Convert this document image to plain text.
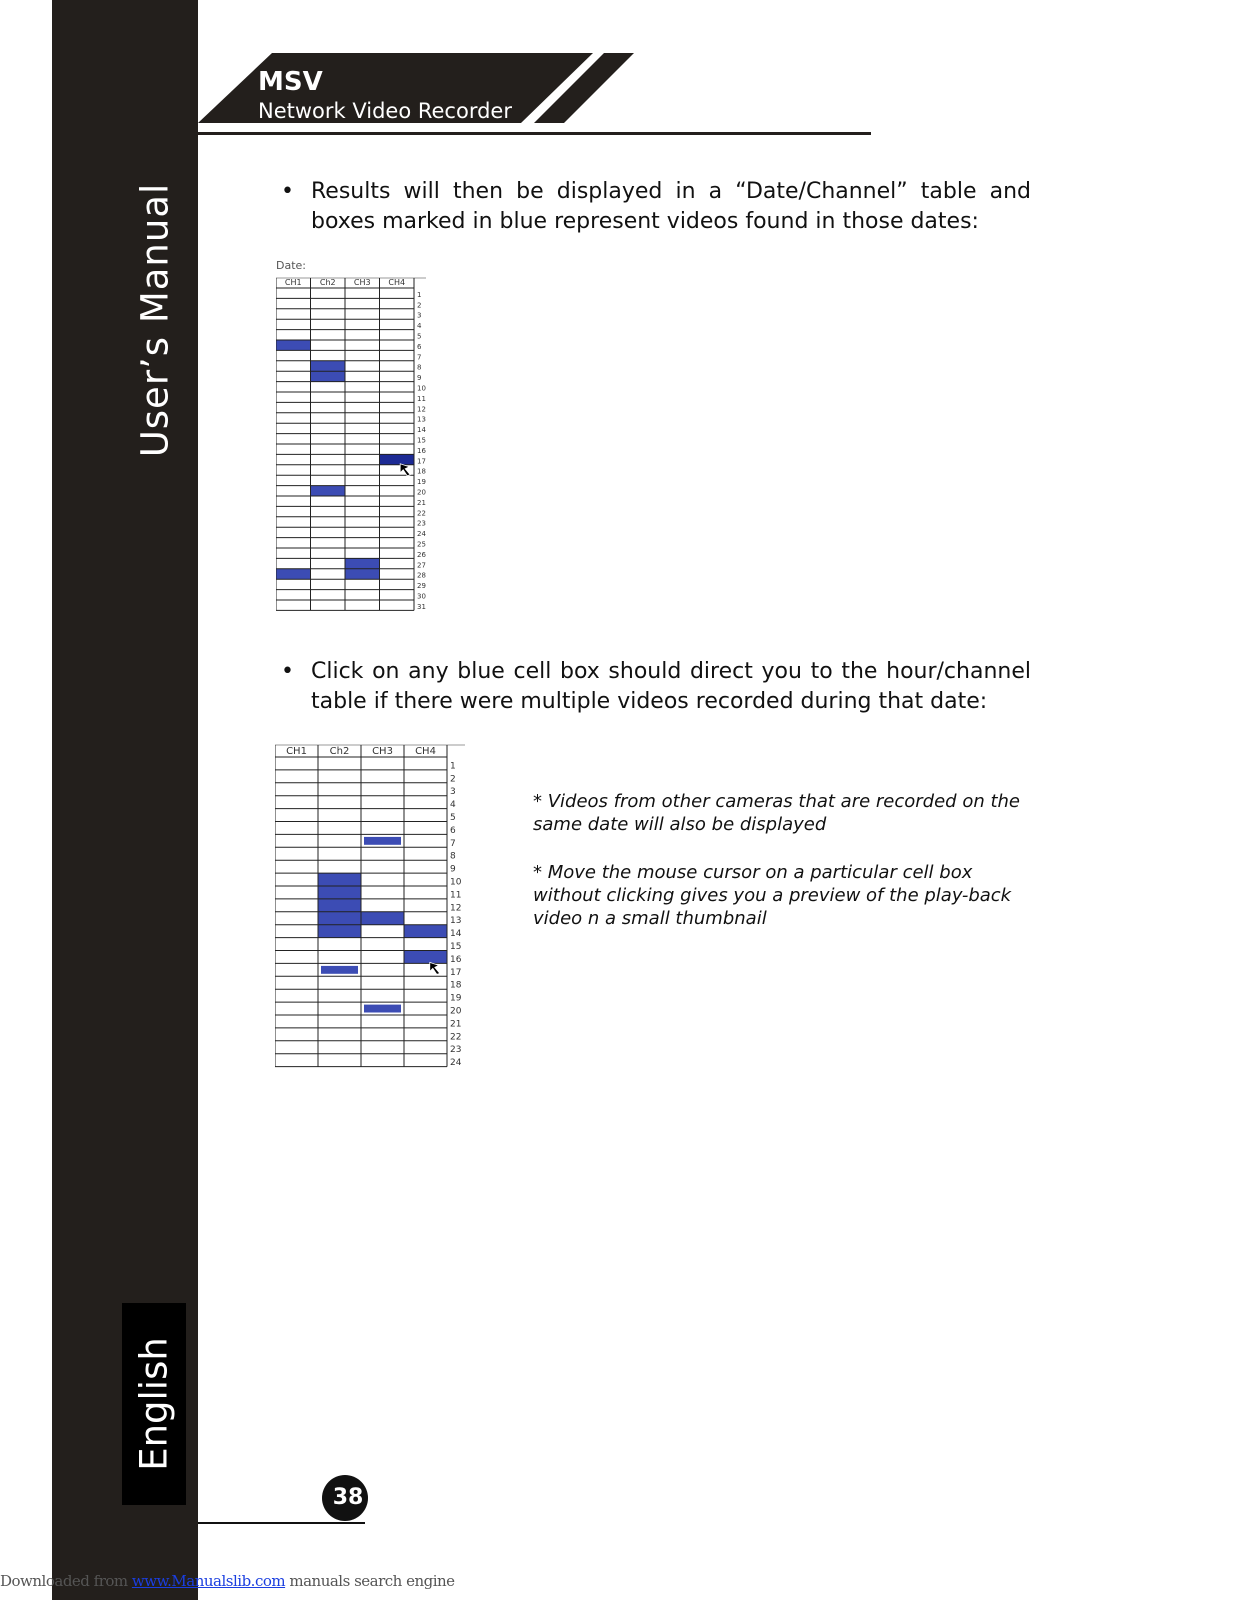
User’s Manual
English
MSV
Network Video Recorder
• Results will then be displayed in a “Date/Channel” table and boxes marked in blue represent videos found in those dates:
Date:
CH1 Ch2 CH3 CH4
1
2
3
4
5
6
7
8
9
10
11
12
13
14
15
16
17
18
19
20
21
22
23
24
25
26
27
28
29
30
31
• Click on any blue cell box should direct you to the hour/channel table if there were multiple videos recorded during that date:
CH1 Ch2 CH3 CH4
1
2
3
4
5
6
7
8
9
10
11
12
13
14
15
16
17
18
19
20
21
22
23
24
* Videos from other cameras that are recorded on the same date will also be displayed
* Move the mouse cursor on a particular cell box without clicking gives you a preview of the play-back video n a small thumbnail
38
Downloaded from www.Manualslib.com manuals search engine
